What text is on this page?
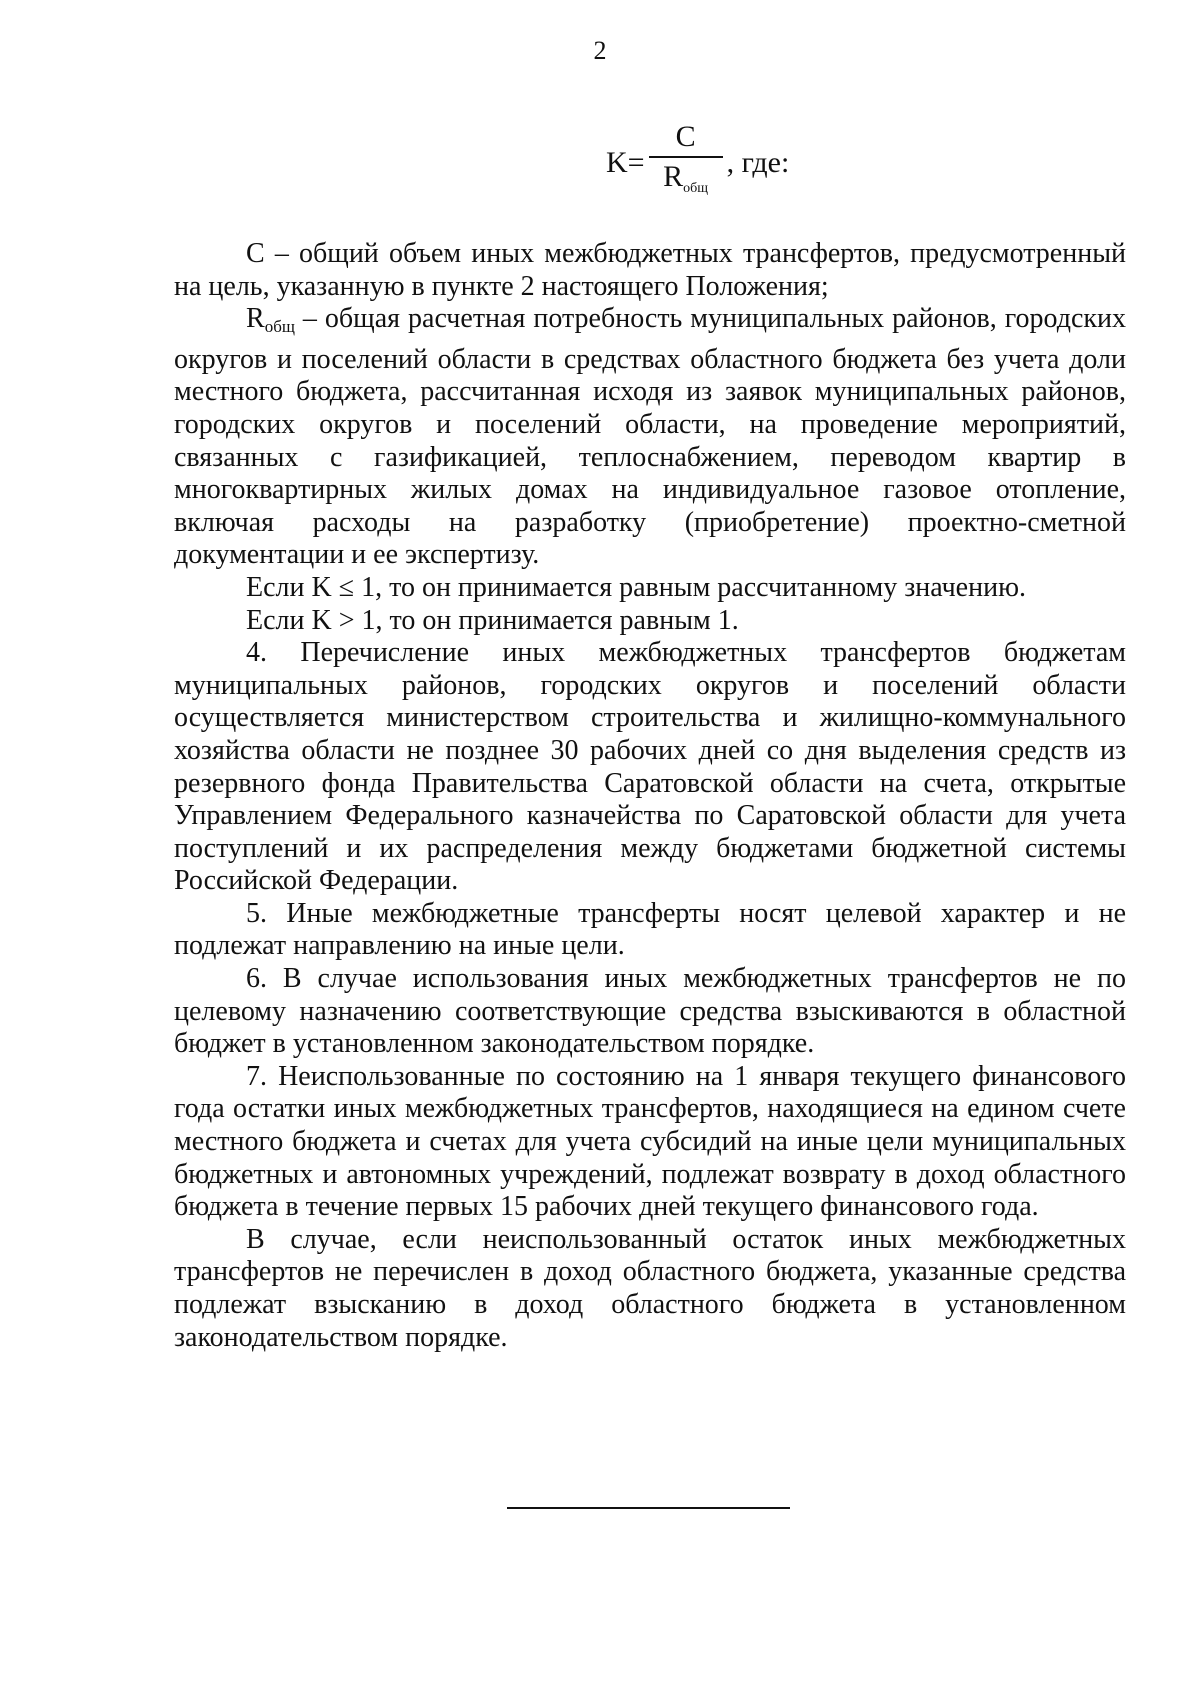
2
$K= \frac{C}{R_{общ}}$ , где:

С – общий объем иных межбюджетных трансфертов, предусмотренный на цель, указанную в пункте 2 настоящего Положения;

$R_{общ}$ – общая расчетная потребность муниципальных районов, городских округов и поселений области в средствах областного бюджета без учета доли местного бюджета, рассчитанная исходя из заявок муниципальных районов, городских округов и поселений области, на проведение мероприятий, связанных с газификацией, теплоснабжением, переводом квартир в многоквартирных жилых домах на индивидуальное газовое отопление, включая расходы на разработку (приобретение) проектно-сметной документации и ее экспертизу.

Если K ≤ 1, то он принимается равным рассчитанному значению.

Если K > 1, то он принимается равным 1.

4. Перечисление иных межбюджетных трансфертов бюджетам муниципальных районов, городских округов и поселений области осуществляется министерством строительства и жилищно-коммунального хозяйства области не позднее 30 рабочих дней со дня выделения средств из резервного фонда Правительства Саратовской области на счета, открытые Управлением Федерального казначейства по Саратовской области для учета поступлений и их распределения между бюджетами бюджетной системы Российской Федерации.

5. Иные межбюджетные трансферты носят целевой характер и не подлежат направлению на иные цели.

6. В случае использования иных межбюджетных трансфертов не по целевому назначению соответствующие средства взыскиваются в областной бюджет в установленном законодательством порядке.

7. Неиспользованные по состоянию на 1 января текущего финансового года остатки иных межбюджетных трансфертов, находящиеся на едином счете местного бюджета и счетах для учета субсидий на иные цели муниципальных бюджетных и автономных учреждений, подлежат возврату в доход областного бюджета в течение первых 15 рабочих дней текущего финансового года.

В случае, если неиспользованный остаток иных межбюджетных трансфертов не перечислен в доход областного бюджета, указанные средства подлежат взысканию в доход областного бюджета в установленном законодательством порядке.
